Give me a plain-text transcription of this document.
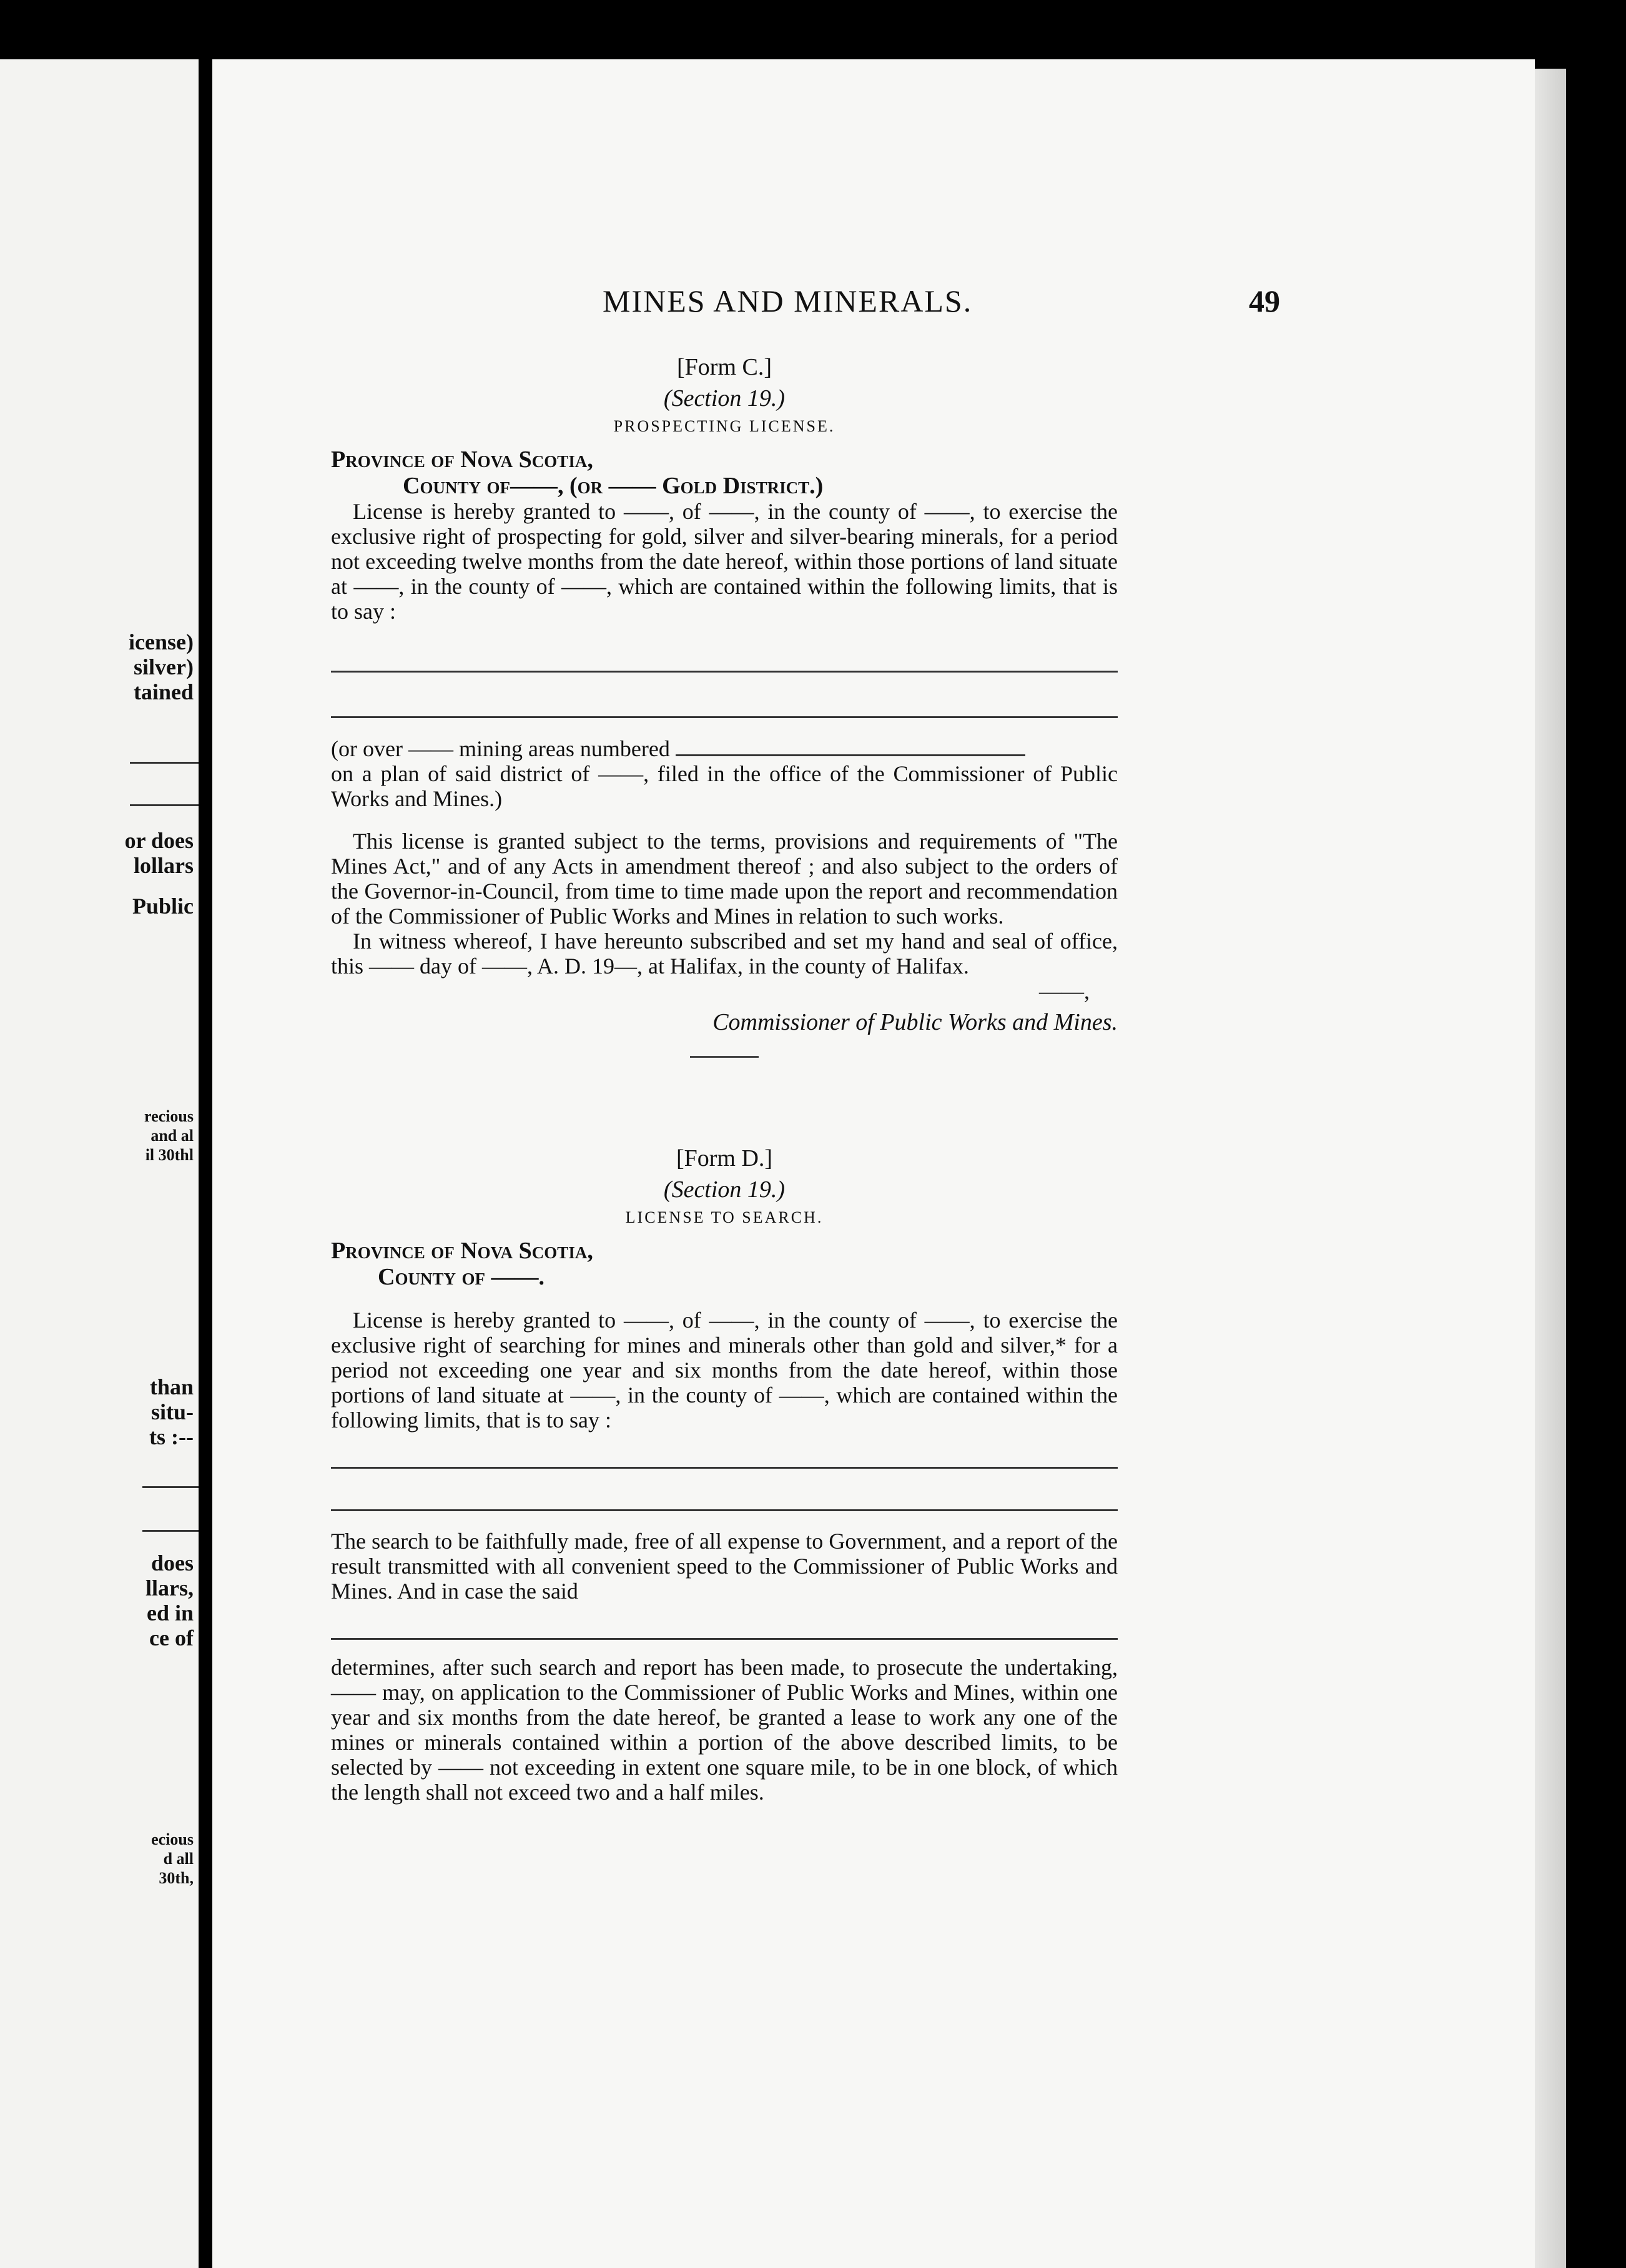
icense)
silver)
tained
or does
lollars
Public
recious
and al
il 30thl
than
situ-
ts :--
does
llars,
ed in
ce of
ecious
d all
30th,
MINES AND MINERALS.	49
[Form C.]
(Section 19.)
PROSPECTING LICENSE.
Province of Nova Scotia,
County of——, (or —— Gold District.)

License is hereby granted to ——, of ——, in the county of ——, to exercise the exclusive right of prospecting for gold, silver and silver-bearing minerals, for a period not exceeding twelve months from the date hereof, within those portions of land situate at ——, in the county of ——, which are contained within the following limits, that is to say :

(or over —— mining areas numbered

on a plan of said district of ——, filed in the office of the Commissioner of Public Works and Mines.)

This license is granted subject to the terms, provisions and requirements of "The Mines Act," and of any Acts in amendment thereof ; and also subject to the orders of the Governor-in-Council, from time to time made upon the report and recommendation of the Commissioner of Public Works and Mines in relation to such works.

In witness whereof, I have hereunto subscribed and set my hand and seal of office, this —— day of ——, A. D. 19—, at Halifax, in the county of Halifax.

——,
Commissioner of Public Works and Mines.
[Form D.]
(Section 19.)
LICENSE TO SEARCH.
Province of Nova Scotia,
County of ——.

License is hereby granted to ——, of ——, in the county of ——, to exercise the exclusive right of searching for mines and minerals other than gold and silver,* for a period not exceeding one year and six months from the date hereof, within those portions of land situate at ——, in the county of ——, which are contained within the following limits, that is to say :

The search to be faithfully made, free of all expense to Government, and a report of the result transmitted with all convenient speed to the Commissioner of Public Works and Mines. And in case the said

determines, after such search and report has been made, to prosecute the undertaking, —— may, on application to the Commissioner of Public Works and Mines, within one year and six months from the date hereof, be granted a lease to work any one of the mines or minerals contained within a portion of the above described limits, to be selected by —— not exceeding in extent one square mile, to be in one block, of which the length shall not exceed two and a half miles.
